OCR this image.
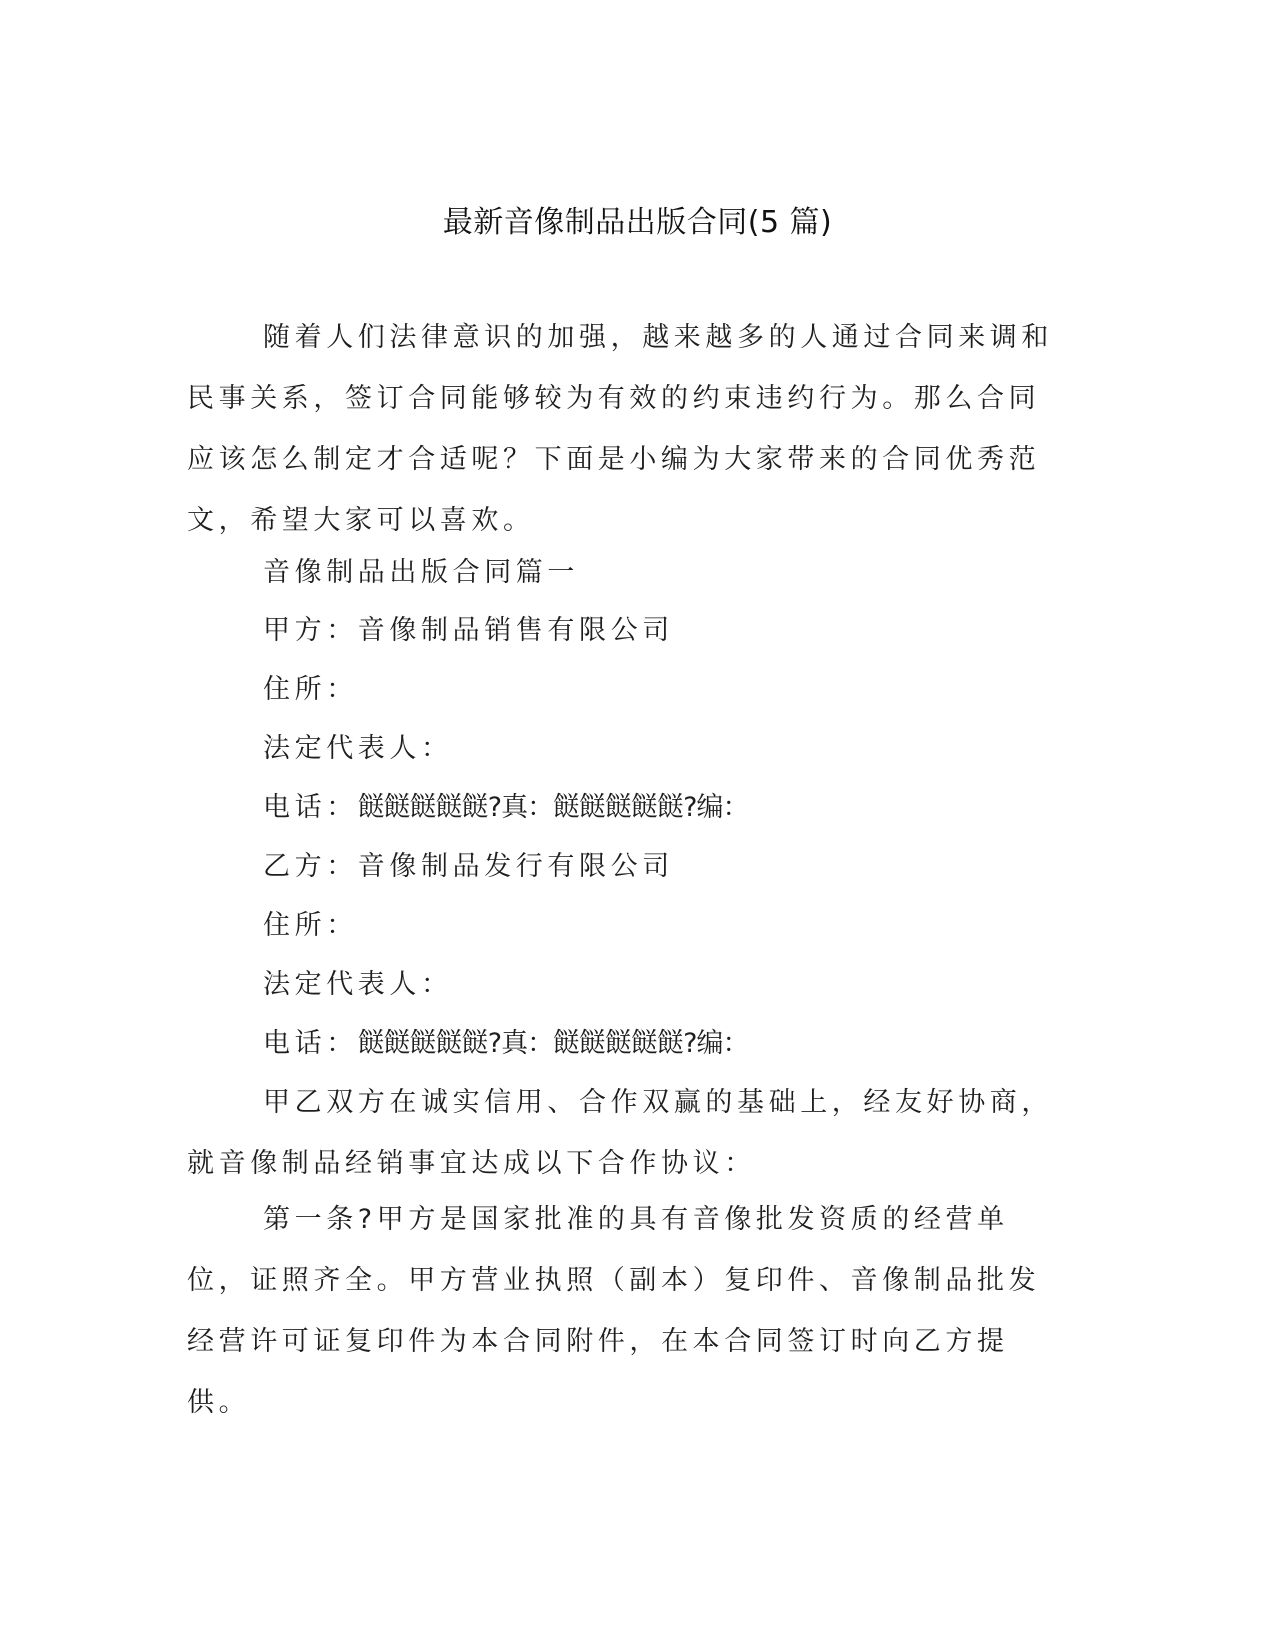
最新音像制品出版合同(5 篇)

随着人们法律意识的加强，越来越多的人通过合同来调和民事关系，签订合同能够较为有效的约束违约行为。那么合同应该怎么制定才合适呢？下面是小编为大家带来的合同优秀范文，希望大家可以喜欢。

音像制品出版合同篇一
甲方：音像制品销售有限公司
住所：
法定代表人：
电话：餸餸餸餸餸?真：餸餸餸餸餸?编：
乙方：音像制品发行有限公司
住所：
法定代表人：
电话：餸餸餸餸餸?真：餸餸餸餸餸?编：

甲乙双方在诚实信用、合作双赢的基础上，经友好协商，就音像制品经销事宜达成以下合作协议：

第一条?甲方是国家批准的具有音像批发资质的经营单位，证照齐全。甲方营业执照（副本）复印件、音像制品批发经营许可证复印件为本合同附件，在本合同签订时向乙方提供。
